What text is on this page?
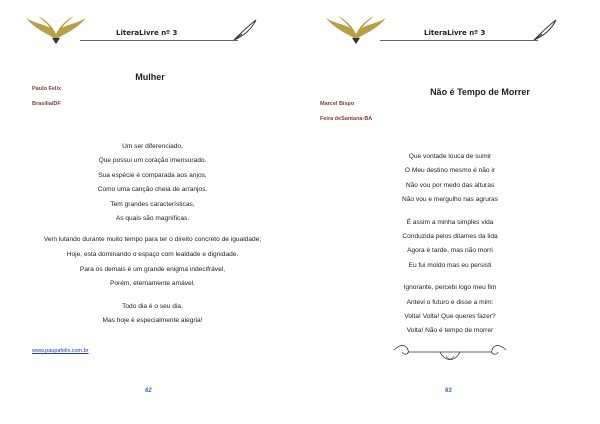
LiteraLivre nº 3
Mulher
Paulo Felix
Brasília/DF
Um ser diferenciado,
Que possui um coração imensurado.
Sua espécie é comparada aos anjos,
Como uma canção cheia de arranjos.
Tem grandes características,
As quais são magníficas.
Vem lutando durante muito tempo para ter o direito concreto de igualdade;
Hoje, está dominando o espaço com lealdade e dignidade.
Para os demais é um grande enigma indecifrável,
Porém, eternamente amável.
Todo dia é o seu dia,
Mas hoje é especialmente alegria!
www.paupafelix.com.br
62
LiteraLivre nº 3
Não é Tempo de Morrer
Marcel Bispo
Feira deSantana-BA
Que vontade louca de sumir
O Meu destino mesmo é não ir
Não vou por medo das alturas
Não vou e mergulho nas agruras
É assim a minha simples vida
Conduzida pelos ditames da lida
Agora é tarde, mas não morri
Eu fui moldo mas eu persisti
Ignorante, percebi logo meu fim
Antevi o futuro e disse a mim:
Volta! Volta! Que queres fazer?
Volta! Não é tempo de morrer
63
